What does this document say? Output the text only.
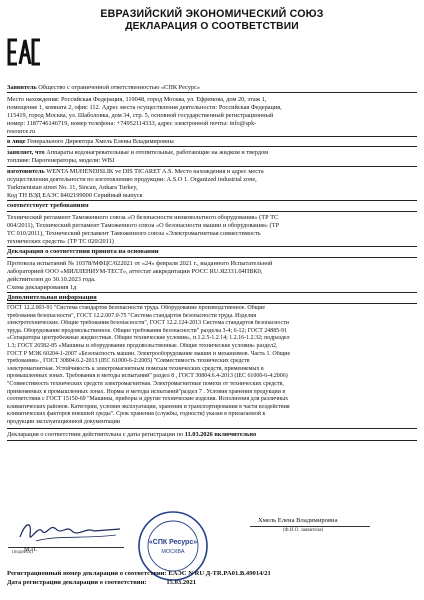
ЕВРАЗИЙСКИЙ ЭКОНОМИЧЕСКИЙ СОЮЗ
ДЕКЛАРАЦИЯ О СООТВЕТСТВИИ
Заявитель Общество с ограниченной ответственностью «СПК Ресурс»
Место нахождения: Российская Федерация, 119048, город Москва, ул. Ефремова, дом 20, этаж 1,
помещение 1, комната 2, офис 112. Адрес места осуществления деятельности: Российская Федерация,
115419, город Москва, ул. Шаболовка, дом 34, стр. 5, основной государственный регистрационный
номер: 1187746146719, номер телефона: +74952114333, адрес электронной почты: info@spk-
resource.ru
в лице Генерального Директора Хмель Елены Владимировны
заявляет, что Аппараты водонагревательные и отопительные, работающие на жидком и твердом
топливе: Парогенераторы, модели: WBJ
изготовитель WENTA MUHENDISLIK ve DIS TICARET A.S. Место нахождения и адрес места
осуществления деятельности по изготовлению продукции: A.S.O 1. Organized industrial zone,
Turkmenistan street No. 11, Sincan, Ankara Turkey,
Код ТН ВЭД ЕАЭС 8402199000 Серийный выпуск
соответствует требованиям
Технический регламент Таможенного союза «О безопасности низковольтного оборудования» (ТР ТС
004/2011), Технический регламент Таможенного союза «О безопасности машин и оборудования» (ТР
ТС 010/2011), Технический регламент Таможенного союза «Электромагнитная совместимость
технических средств» (ТР ТС 020/2011)
Декларация о соответствии принята на основании
Протокола испытаний № 10378/МФЦС/022021 от «24» февраля 2021 г., выданного Испытательной
лабораторией ООО «МИЛЛЕНИУМ-ТЕСТ», аттестат аккредитации РОСС RU.Я2331.04ПВК0,
действителен до 30.10.2023 года.
Схема декларирования 1д
Дополнительная информация
ГОСТ 12.2.003-91 "Система стандартов безопасности труда. Оборудование производственное. Общие
требования безопасности", ГОСТ 12.2.007.0-75 "Система стандартов безопасности труда. Изделия
электротехнические. Общие требования безопасности", ГОСТ 12.2.124-2013 Система стандартов безопасности
труда. Оборудование продовольственное. Общие требования безопасности" разделы 3-4; 6-12; ГОСТ 24885-91
«Сепараторы центробежные жидкостные. Общие технические условия», п.1.2.5-1.2.14; 1.2.16-1.2.32; подраздел
1.3; ГОСТ 26582-85 «Машины и оборудование продовольственные. Общие технические условия» раздел2,
ГОСТ Р МЭК 60204-1-2007 «Безопасность машин. Электрооборудование машин и механизмов. Часть 1. Общие
требования» , ГОСТ 30804.6.2-2013 (IEC 61000-6-2:2005) "Совместимость технических средств
электромагнитная. Устойчивость к электромагнитным помехам технических средств, применяемых в
промышленных зонах. Требования и методы испытаний" раздел 8 , ГОСТ 30804.6.4-2013 (IEC 61000-6-4:2006)
"Совместимость технических средств электромагнитная. Электромагнитные помехи от технических средств,
применяемых в промышленных зонах. Нормы и методы испытаний"раздел 7 . Условия хранения продукции в
соответствии с ГОСТ 15150-69 "Машины, приборы и другие технические изделия. Исполнения для различных
климатических районов. Категории, условия эксплуатации, хранения и транспортирования в части воздействия
климатических факторов внешней среды". Срок хранения (службы, годности) указан в прилагаемой к
продукции эксплуатационной документации
Декларация о соответствии действительна с даты регистрации по 11.03.2026 включительно
(подпись)
М.П.
«СПК Ресурс»
МОСКВА
Хмель Елена Владимировна
(Ф.И.О. заявителя)
Регистрационный номер декларации о соответствии: ЕАЭС N RU Д-TR.PA01.B.49014/21
Дата регистрации декларации о соответствии:	15.03.2021
